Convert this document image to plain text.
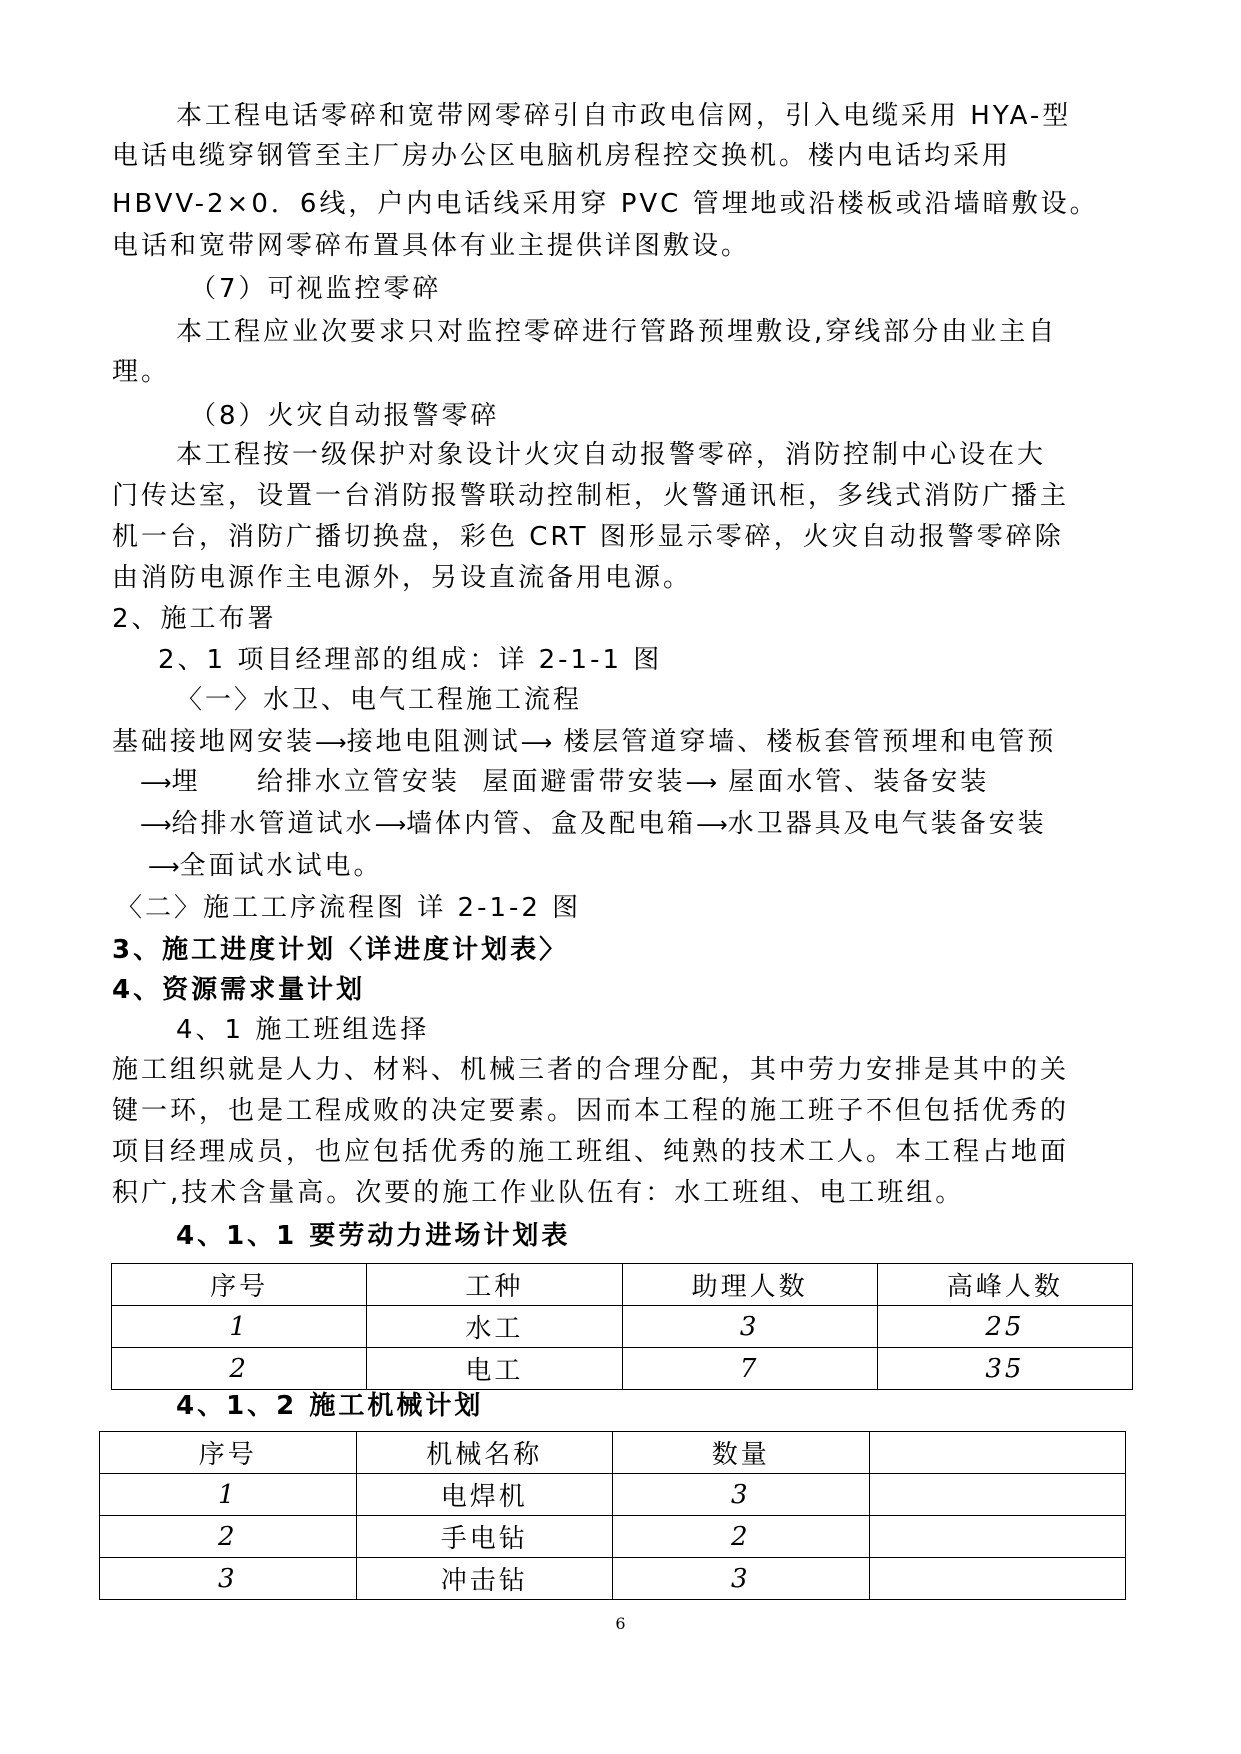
本工程电话零碎和宽带网零碎引自市政电信网，引入电缆采用 HYA-型

电话电缆穿钢管至主厂房办公区电脑机房程控交换机。楼内电话均采用

HBVV-2×0．6线，户内电话线采用穿 PVC 管埋地或沿楼板或沿墙暗敷设。

电话和宽带网零碎布置具体有业主提供详图敷设。

（7）可视监控零碎

本工程应业次要求只对监控零碎进行管路预埋敷设,穿线部分由业主自

理。

（8）火灾自动报警零碎

本工程按一级保护对象设计火灾自动报警零碎，消防控制中心设在大

门传达室，设置一台消防报警联动控制柜，火警通讯柜，多线式消防广播主

机一台，消防广播切换盘，彩色 CRT 图形显示零碎，火灾自动报警零碎除

由消防电源作主电源外，另设直流备用电源。

2、施工布署

2、1 项目经理部的组成：详 2-1-1 图

〈一〉水卫、电气工程施工流程

基础接地网安装⟶接地电阻测试⟶ 楼层管道穿墙、楼板套管预埋和电管预

⟶埋 给排水立管安装 屋面避雷带安装⟶ 屋面水管、装备安装

⟶给排水管道试水⟶墙体内管、盒及配电箱⟶水卫器具及电气装备安装

⟶全面试水试电。

〈二〉施工工序流程图 详 2-1-2 图

3、施工进度计划〈详进度计划表〉

4、资源需求量计划

4、1 施工班组选择

施工组织就是人力、材料、机械三者的合理分配，其中劳力安排是其中的关

键一环，也是工程成败的决定要素。因而本工程的施工班子不但包括优秀的

项目经理成员，也应包括优秀的施工班组、纯熟的技术工人。本工程占地面

积广,技术含量高。次要的施工作业队伍有：水工班组、电工班组。

4、1、1 要劳动力进场计划表

序号	工种	助理人数	高峰人数
1	水工	3	25
2	电工	7	35

4、1、2 施工机械计划

序号	机械名称	数量	
1	电焊机	3	
2	手电钻	2	
3	冲击钻	3	
6
